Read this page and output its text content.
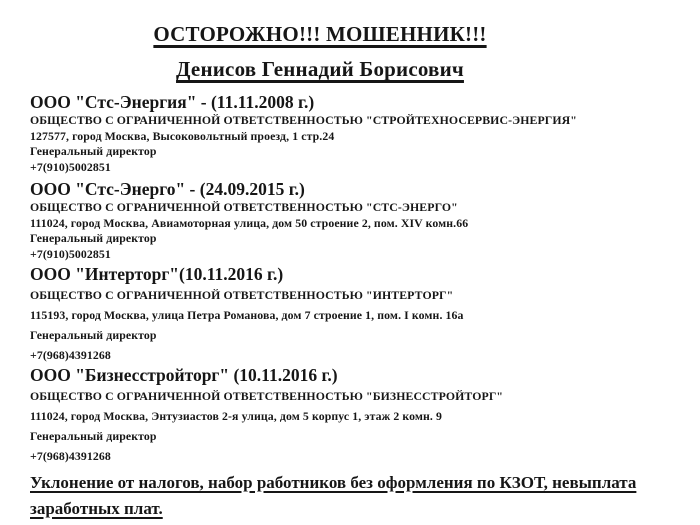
ОСТОРОЖНО!!! МОШЕННИК!!!
Денисов Геннадий Борисович
ООО "Стс-Энергия" - (11.11.2008 г.)
ОБЩЕСТВО С ОГРАНИЧЕННОЙ ОТВЕТСТВЕННОСТЬЮ "СТРОЙТЕХНОСЕРВИС-ЭНЕРГИЯ"
127577, город Москва, Высоковольтный проезд, 1 стр.24
Генеральный директор
+7(910)5002851
ООО "Стс-Энерго" - (24.09.2015 г.)
ОБЩЕСТВО С ОГРАНИЧЕННОЙ ОТВЕТСТВЕННОСТЬЮ "СТС-ЭНЕРГО"
111024, город Москва, Авиамоторная улица, дом 50 строение 2, пом. XIV комн.66
Генеральный директор
+7(910)5002851
ООО "Интерторг"(10.11.2016 г.)
ОБЩЕСТВО С ОГРАНИЧЕННОЙ ОТВЕТСТВЕННОСТЬЮ "ИНТЕРТОРГ"
115193, город Москва, улица Петра Романова, дом 7 строение 1, пом. I комн. 16а
Генеральный директор
+7(968)4391268
ООО "Бизнесстройторг" (10.11.2016 г.)
ОБЩЕСТВО С ОГРАНИЧЕННОЙ ОТВЕТСТВЕННОСТЬЮ "БИЗНЕССТРОЙТОРГ"
111024, город Москва, Энтузиастов 2-я улица, дом 5 корпус 1, этаж 2 комн. 9
Генеральный директор
+7(968)4391268
Уклонение от налогов, набор работников без оформления по КЗОТ, невыплата
заработных плат.
